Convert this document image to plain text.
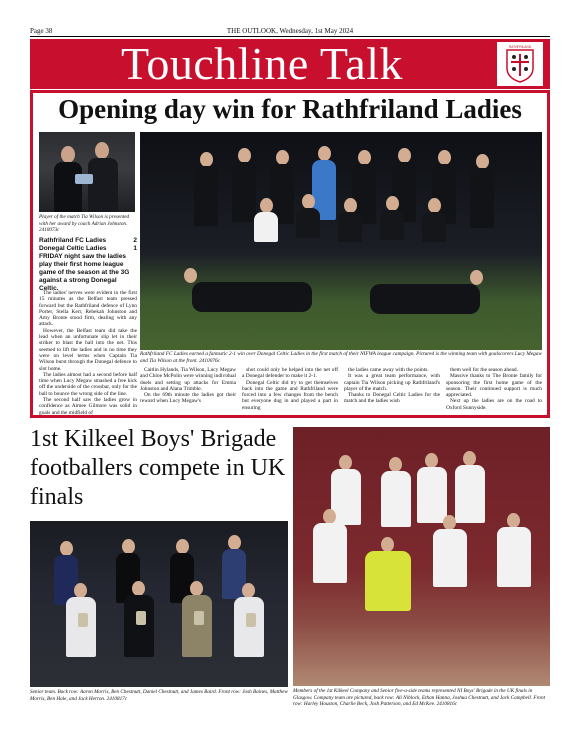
Page 38	THE OUTLOOK, Wednesday, 1st May 2024
Touchline Talk	RATHFRILAND
Opening day win for Rathfriland Ladies
Player of the match Tia Wilson is presented with her award by coach Adrian Johnston. 2410073c
Rathfriland FC Ladies	2
Donegal Celtic Ladies	1
FRIDAY night saw the ladies play their first home league game of the season at the 3G against a strong Donegal Celtic.

The ladies' nerves were evident in the first 15 minutes as the Belfast team pressed forward but the Rathfriland defence of Lynn Porter, Stella Kerr, Rebekah Johnston and Amy Bronte stood firm, dealing with any attack.

However, the Belfast team did take the lead when an unfortunate slip let in their striker to blast the ball into the net. This seemed to lift the ladies and in no time they were on level terms when Captain Tia Wilson burst through the Donegal defence to slot home.

The ladies almost had a second before half time when Lucy Megaw smashed a free kick off the underside of the crossbar, only for the ball to bounce the wrong side of the line.

The second half saw the ladies grow in confidence as Aimee Gilmore was solid in goals and the midfield of

Rathfriland FC Ladies earned a fantastic 2-1 win over Donegal Celtic Ladies in the first match of their NIFWA league campaign. Pictured is the winning team with goalscorers Lucy Megaw and Tia Wilson at the front. 2410076c

Caitlin Hylands, Tia Wilson, Lucy Megaw and Chloe McPolin were winning individual duels and setting up attacks for Emma Johnston and Alana Trimble.

On the 69th minute the ladies got their reward when Lucy Megaw's

shot could only be helped into the net off a Donegal defender to make it 2-1.

Donegal Celtic did try to get themselves back into the game and Rathfriland were forced into a few changes from the bench but everyone dug in and played a part in ensuring

the ladies came away with the points.

It was a great team performance, with captain Tia Wilson picking up Rathfriland's player of the match.

Thanks to Donegal Celtic Ladies for the match and the ladies wish

them well for the season ahead.

Massive thanks to The Bronte family for sponsoring the first home game of the season. Their continued support is much appreciated.

Next up the ladies are on the road to Oxford Sunnyside.

1st Kilkeel Boys' Brigade footballers compete in UK finals
Senior team. Back row: Aaron Morris, Ben Chestnutt, Daniel Chestnutt, and James Baird. Front row: Josh Baines, Matthew Morris, Ben Hale, and Jack Herron. 2410817c
Members of the 1st Kilkeel Company and Senior five-a-side teams represented NI Boys' Brigade in the UK finals in Glasgow. Company team are pictured, back row: Ali Niblock, Ethan Hanna, Joshua Chestnutt, and Jack Campbell. Front row: Harley Houston, Charlie Beck, Josh Patterson, and Ed McKee. 2410816c
